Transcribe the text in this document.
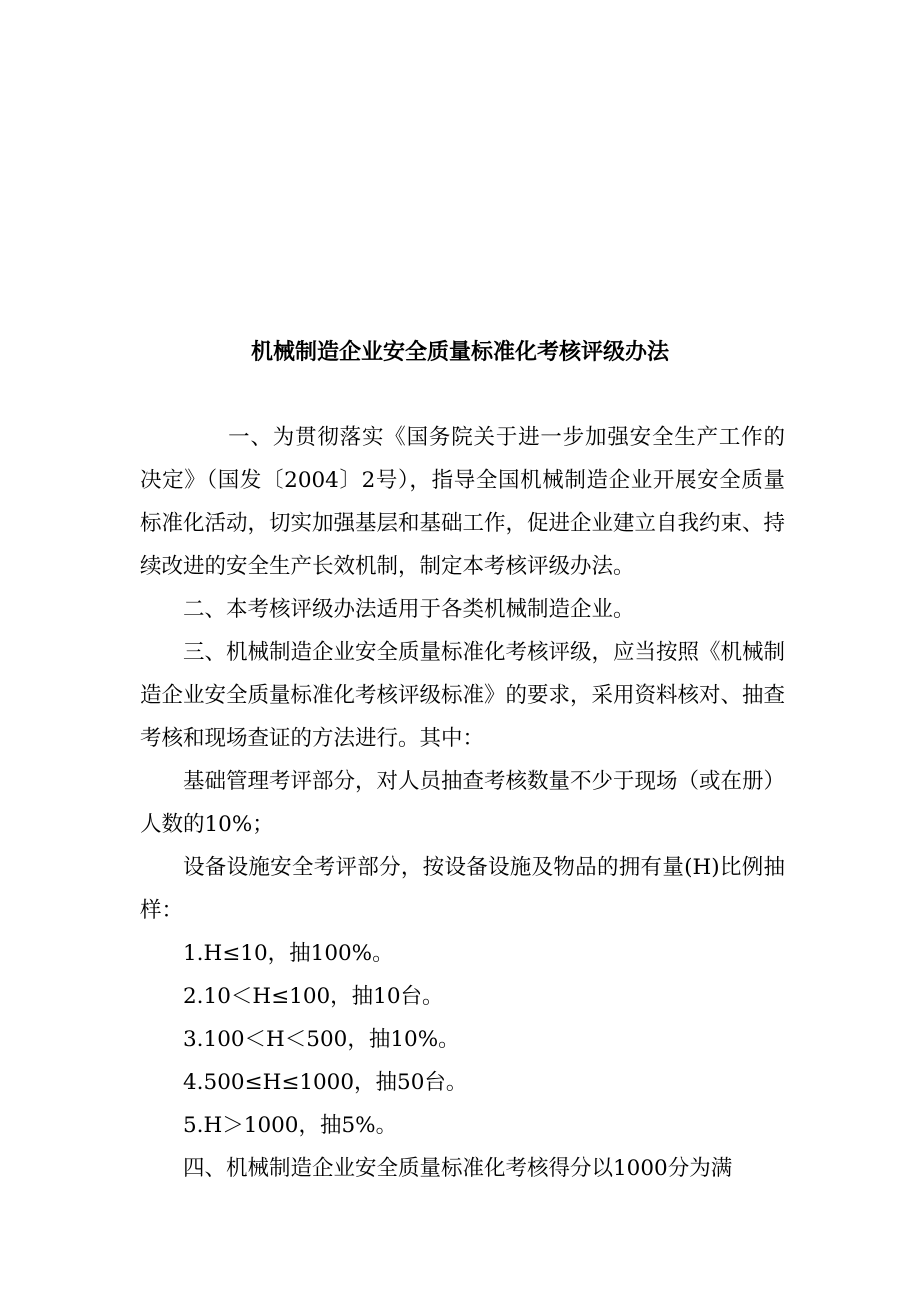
机械制造企业安全质量标准化考核评级办法

一、为贯彻落实《国务院关于进一步加强安全生产工作的决定》（国发〔2004〕2号），指导全国机械制造企业开展安全质量标准化活动，切实加强基层和基础工作，促进企业建立自我约束、持续改进的安全生产长效机制，制定本考核评级办法。

二、本考核评级办法适用于各类机械制造企业。

三、机械制造企业安全质量标准化考核评级，应当按照《机械制造企业安全质量标准化考核评级标准》的要求，采用资料核对、抽查考核和现场查证的方法进行。其中：

基础管理考评部分，对人员抽查考核数量不少于现场（或在册）人数的10%；

设备设施安全考评部分，按设备设施及物品的拥有量(H)比例抽样：

1.H≤10，抽100%。

2.10＜H≤100，抽10台。

3.100＜H＜500，抽10%。

4.500≤H≤1000，抽50台。

5.H＞1000，抽5%。

四、机械制造企业安全质量标准化考核得分以1000分为满
